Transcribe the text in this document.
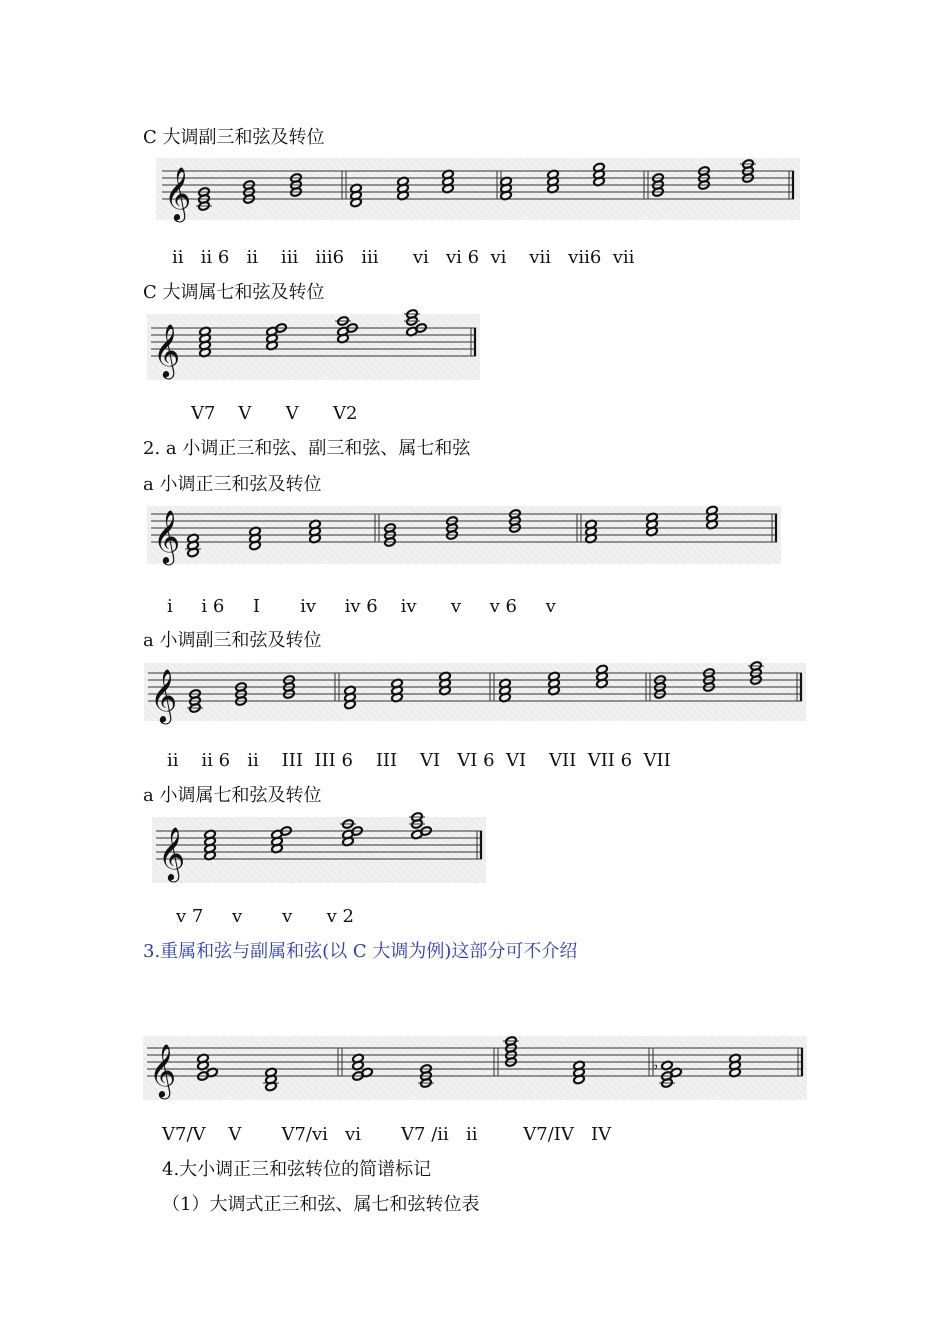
C 大调副三和弦及转位
𝄞
ii   ii 6   ii    iii   iii6   iii      vi   vi 6  vi    vii   vii6  vii
C 大调属七和弦及转位
𝄞
V7    V      V      V2
2. a 小调正三和弦、副三和弦、属七和弦
a 小调正三和弦及转位
𝄞
i     i 6     I       iv     iv 6    iv      v     v 6     v
a 小调副三和弦及转位
𝄞
ii    ii 6   ii    III  III 6    III    VI   VI 6  VI    VII  VII 6  VII
a 小调属七和弦及转位
𝄞
v 7     v       v      v 2
3.重属和弦与副属和弦(以 C 大调为例)这部分可不介绍
𝄞	♭
V7/V    V       V7/vi   vi       V7 /ii   ii        V7/IV   IV
4.大小调正三和弦转位的简谱标记
（1）大调式正三和弦、属七和弦转位表
